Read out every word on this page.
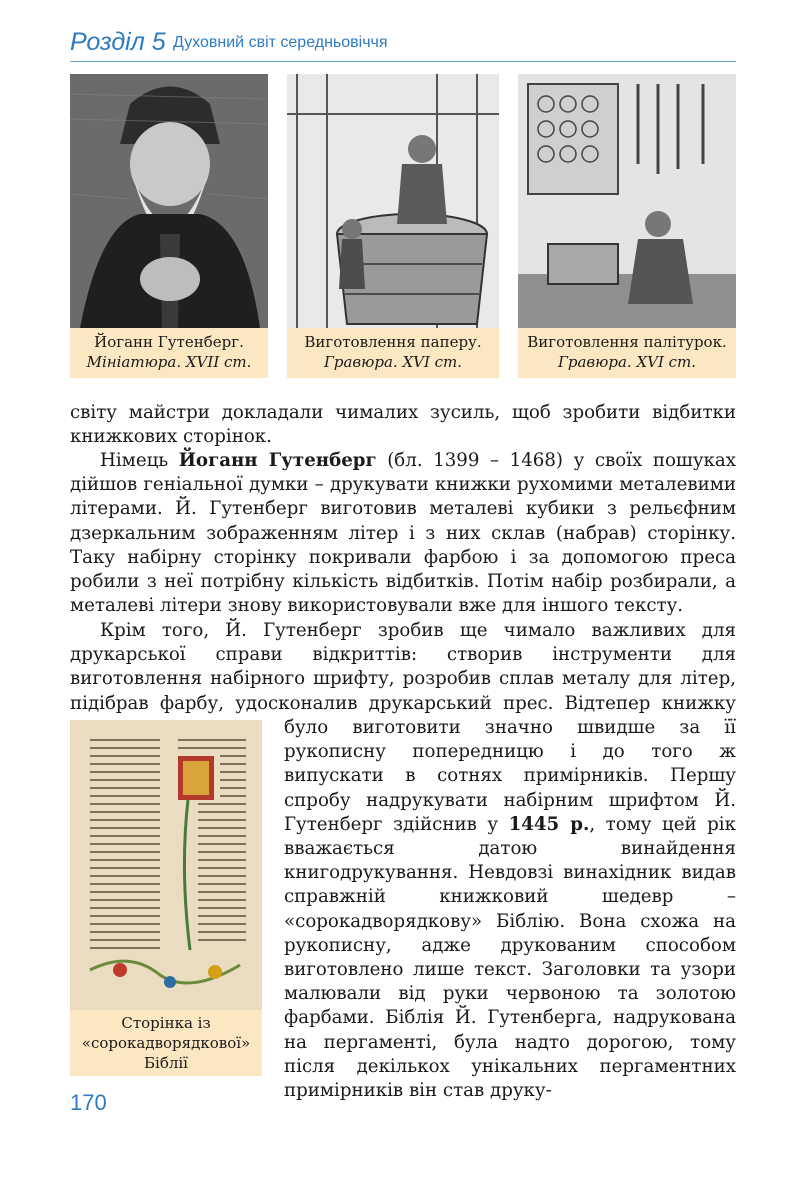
Розділ 5 Духовний світ середньовіччя
Йоганн Гутенберг.
Мініатюра. XVII ст.
Виготовлення паперу.
Гравюра. XVI ст.
Виготовлення палітурок.
Гравюра. XVI ст.

світу майстри докладали чималих зусиль, щоб зробити відбитки книжкових сторінок.

Німець Йоганн Гутенберг (бл. 1399 – 1468) у своїх пошуках дійшов геніальної думки – друкувати книжки рухомими металевими літерами. Й. Гутенберг виготовив металеві кубики з рельєфним дзеркальним зображенням літер і з них склав (набрав) сторінку. Таку набірну сторінку покривали фарбою і за допомогою преса робили з неї потрібну кількість відбитків. Потім набір розбирали, а металеві літери знову використовували вже для іншого тексту.

Крім того, Й. Гутенберг зробив ще чимало важливих для друкарської справи відкриттів: створив інструменти для виготовлення набірного шрифту, розробив сплав металу для літер, підібрав фарбу, удосконалив друкарський прес. Відтепер книжку

Сторінка із
«сорокадворядкової»
Біблії

було виготовити значно швидше за її рукописну попередницю і до того ж випускати в сотнях примірників. Першу спробу надрукувати набірним шрифтом Й. Гутенберг здійснив у 1445 р., тому цей рік вважається датою винайдення книгодрукування. Невдовзі винахідник видав справжній книжковий шедевр – «сорокадворядкову» Біблію. Вона схожа на рукописну, адже друкованим способом виготовлено лише текст. Заголовки та узори малювали від руки червоною та золотою фарбами. Біблія Й. Гутенберга, надрукована на пергаменті, була надто дорогою, тому після декількох унікальних пергаментних примірників він став друку-

170
